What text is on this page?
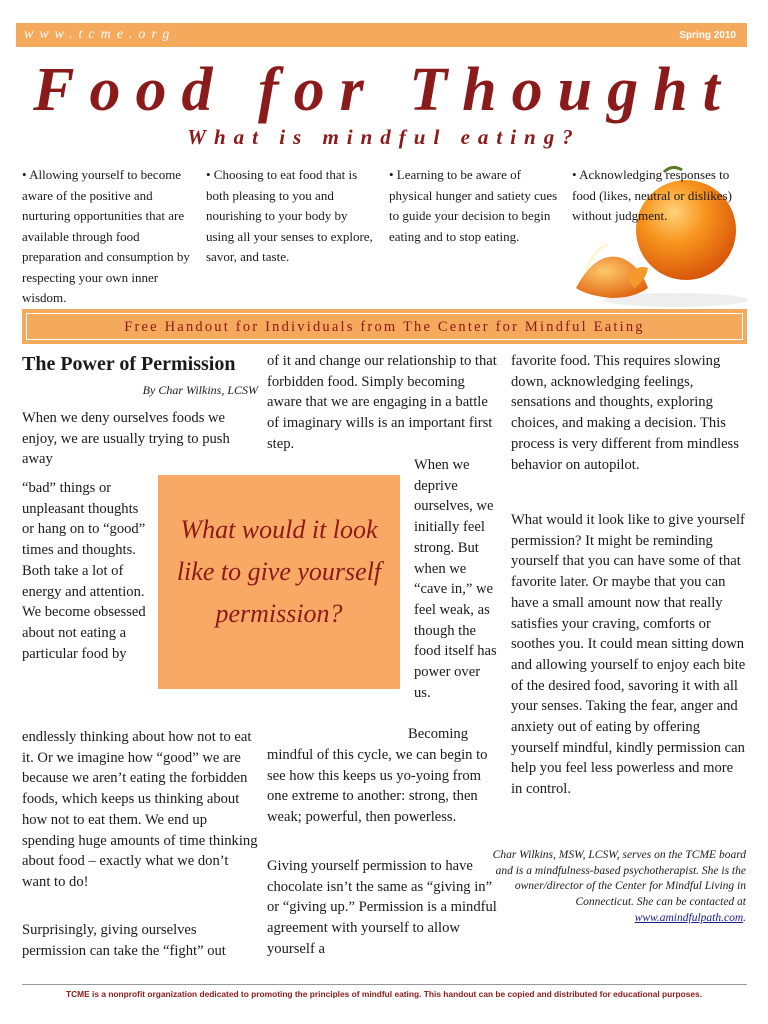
www.tcme.org	Spring 2010
Food for Thought
What is mindful eating?
• Allowing yourself to become aware of the positive and nurturing opportunities that are available through food preparation and consumption by respecting your own inner wisdom.
• Choosing to eat food that is both pleasing to you and nourishing to your body by using all your senses to explore, savor, and taste.
• Learning to be aware of physical hunger and satiety cues to guide your decision to begin eating and to stop eating.
• Acknowledging responses to food (likes, neutral or dislikes) without judgment.
Free Handout for Individuals from The Center for Mindful Eating
The Power of Permission
By Char Wilkins, LCSW
When we deny ourselves foods we enjoy, we are usually trying to push away
“bad” things or unpleasant thoughts or hang on to “good” times and thoughts. Both take a lot of energy and attention. We become obsessed about not eating a particular food by
endlessly thinking about how not to eat it. Or we imagine how “good” we are because we aren’t eating the forbidden foods, which keeps us thinking about how not to eat them. We end up spending huge amounts of time thinking about food – exactly what we don’t want to do!
Surprisingly, giving ourselves permission can take the “fight” out
of it and change our relationship to that forbidden food. Simply becoming aware that we are engaging in a battle of imaginary wills is an important first step.
When we deprive ourselves, we initially feel strong. But when we “cave in,” we feel weak, as though the food itself has power over us.
Becoming
mindful of this cycle, we can begin to see how this keeps us yo-yoing from one extreme to another: strong, then weak; powerful, then powerless.
Giving yourself permission to have chocolate isn’t the same as “giving in” or “giving up.” Permission is a mindful agreement with yourself to allow yourself a
What would it look like to give yourself permission?
favorite food. This requires slowing down, acknowledging feelings, sensations and thoughts, exploring choices, and making a decision. This process is very different from mindless behavior on autopilot.
What would it look like to give yourself permission? It might be reminding yourself that you can have some of that favorite later. Or maybe that you can have a small amount now that really satisfies your craving, comforts or soothes you. It could mean sitting down and allowing yourself to enjoy each bite of the desired food, savoring it with all your senses. Taking the fear, anger and anxiety out of eating by offering yourself mindful, kindly permission can help you feel less powerless and more in control.
Char Wilkins, MSW, LCSW, serves on the TCME board and is a mindfulness-based psychotherapist. She is the owner/director of the Center for Mindful Living in Connecticut. She can be contacted at www.amindfulpath.com.
TCME is a nonprofit organization dedicated to promoting the principles of mindful eating. This handout can be copied and distributed for educational purposes.
